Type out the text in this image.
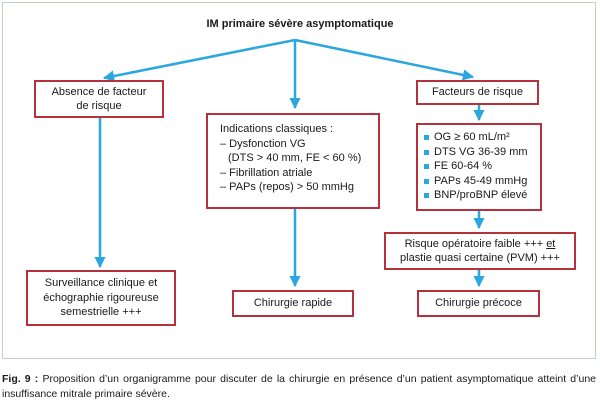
IM primaire sévère asymptomatique
Absence de facteur
de risque
Surveillance clinique et
échographie rigoureuse
semestrielle +++
Indications classiques :
– Dysfonction VG
(DTS > 40 mm, FE < 60 %)
– Fibrillation atriale
– PAPs (repos) > 50 mmHg
Chirurgie rapide
Facteurs de risque
OG ≥ 60 mL/m²
DTS VG 36-39 mm
FE 60-64 %
PAPs 45-49 mmHg
BNP/proBNP élevé
Risque opératoire faible +++ et
plastie quasi certaine (PVM) +++
Chirurgie précoce
Fig. 9 : Proposition d’un organigramme pour discuter de la chirurgie en présence d’un patient asymptomatique atteint d’une insuffisance mitrale primaire sévère.
